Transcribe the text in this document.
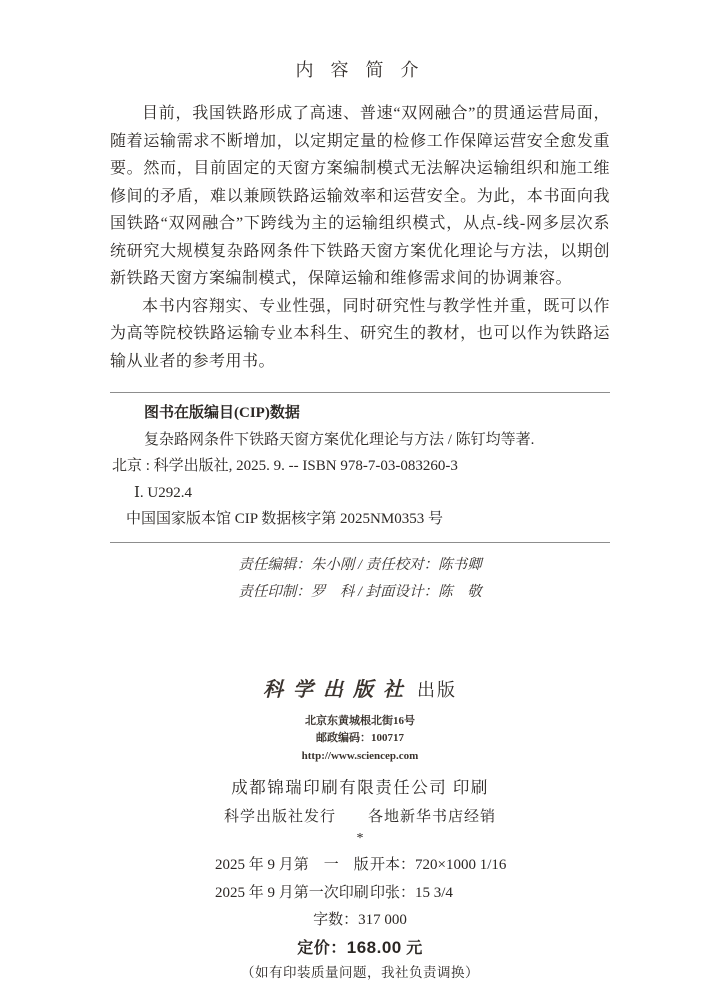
内 容 简 介

目前，我国铁路形成了高速、普速“双网融合”的贯通运营局面，随着运输需求不断增加，以定期定量的检修工作保障运营安全愈发重要。然而，目前固定的天窗方案编制模式无法解决运输组织和施工维修间的矛盾，难以兼顾铁路运输效率和运营安全。为此，本书面向我国铁路“双网融合”下跨线为主的运输组织模式，从点-线-网多层次系统研究大规模复杂路网条件下铁路天窗方案优化理论与方法，以期创新铁路天窗方案编制模式，保障运输和维修需求间的协调兼容。

本书内容翔实、专业性强，同时研究性与教学性并重，既可以作为高等院校铁路运输专业本科生、研究生的教材，也可以作为铁路运输从业者的参考用书。

图书在版编目(CIP)数据
复杂路网条件下铁路天窗方案优化理论与方法 / 陈钉均等著.
北京 : 科学出版社, 2025. 9. -- ISBN 978-7-03-083260-3
Ⅰ. U292.4
中国国家版本馆 CIP 数据核字第 2025NM0353 号
责任编辑：朱小刚 / 责任校对：陈书卿
责任印制：罗　科 / 封面设计：陈　敬
科学出版社 出版
北京东黄城根北街16号
邮政编码：100717
http://www.sciencep.com
成都锦瑞印刷有限责任公司 印刷
科学出版社发行　　各地新华书店经销
*
2025 年 9 月第　一　版 开本：720×1000 1/16
2025 年 9 月第一次印刷 印张：15 3/4
字数：317 000
定价：168.00 元
（如有印装质量问题，我社负责调换）
